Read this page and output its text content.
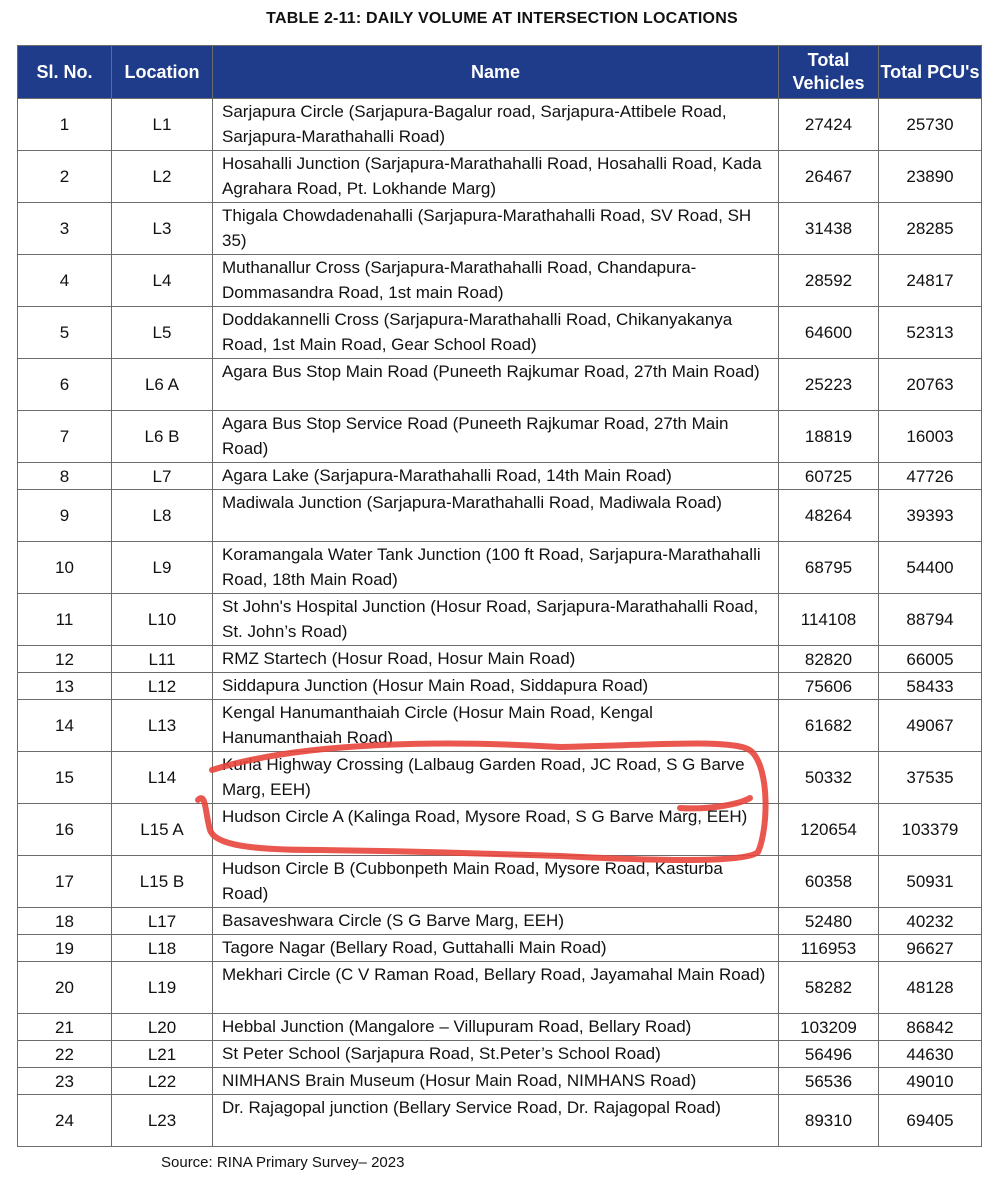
TABLE 2-11: DAILY VOLUME AT INTERSECTION LOCATIONS
Sl. No.	Location	Name	Total Vehicles	Total PCU's
1	L1	Sarjapura Circle (Sarjapura-Bagalur road, Sarjapura-Attibele Road, Sarjapura-Marathahalli Road)	27424	25730
2	L2	Hosahalli Junction (Sarjapura-Marathahalli Road, Hosahalli Road, Kada Agrahara Road, Pt. Lokhande Marg)	26467	23890
3	L3	Thigala Chowdadenahalli (Sarjapura-Marathahalli Road, SV Road, SH 35)	31438	28285
4	L4	Muthanallur Cross (Sarjapura-Marathahalli Road, Chandapura-Dommasandra Road, 1st main Road)	28592	24817
5	L5	Doddakannelli Cross (Sarjapura-Marathahalli Road, Chikanyakanya Road, 1st Main Road, Gear School Road)	64600	52313
6	L6 A	Agara Bus Stop Main Road (Puneeth Rajkumar Road, 27th Main Road)	25223	20763
7	L6 B	Agara Bus Stop Service Road (Puneeth Rajkumar Road, 27th Main Road)	18819	16003
8	L7	Agara Lake (Sarjapura-Marathahalli Road, 14th Main Road)	60725	47726
9	L8	Madiwala Junction (Sarjapura-Marathahalli Road, Madiwala Road)	48264	39393
10	L9	Koramangala Water Tank Junction (100 ft Road, Sarjapura-Marathahalli Road, 18th Main Road)	68795	54400
11	L10	St John's Hospital Junction (Hosur Road, Sarjapura-Marathahalli Road, St. John’s Road)	114108	88794
12	L11	RMZ Startech (Hosur Road, Hosur Main Road)	82820	66005
13	L12	Siddapura Junction (Hosur Main Road, Siddapura Road)	75606	58433
14	L13	Kengal Hanumanthaiah Circle (Hosur Main Road, Kengal Hanumanthaiah Road)	61682	49067
15	L14	Kurla Highway Crossing (Lalbaug Garden Road, JC Road, S G Barve Marg, EEH)	50332	37535
16	L15 A	Hudson Circle A (Kalinga Road, Mysore Road, S G Barve Marg, EEH)	120654	103379
17	L15 B	Hudson Circle B (Cubbonpeth Main Road, Mysore Road, Kasturba Road)	60358	50931
18	L17	Basaveshwara Circle (S G Barve Marg, EEH)	52480	40232
19	L18	Tagore Nagar (Bellary Road, Guttahalli Main Road)	116953	96627
20	L19	Mekhari Circle (C V Raman Road, Bellary Road, Jayamahal Main Road)	58282	48128
21	L20	Hebbal Junction (Mangalore – Villupuram Road, Bellary Road)	103209	86842
22	L21	St Peter School (Sarjapura Road, St.Peter’s School Road)	56496	44630
23	L22	NIMHANS Brain Museum (Hosur Main Road, NIMHANS Road)	56536	49010
24	L23	Dr. Rajagopal junction (Bellary Service Road, Dr. Rajagopal Road)	89310	69405
Source: RINA Primary Survey– 2023
